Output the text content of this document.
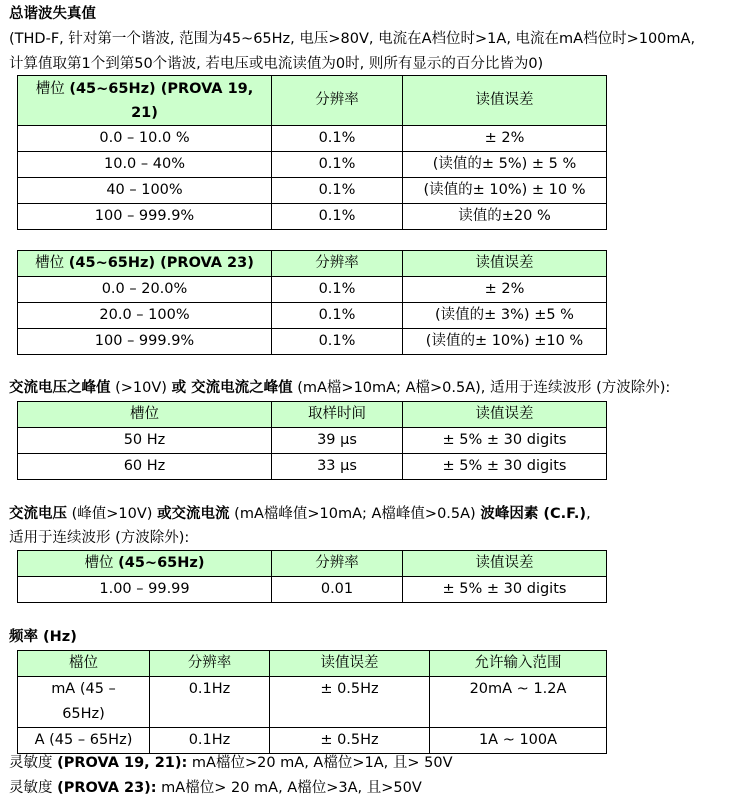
总谐波失真值
(THD-F, 针对第一个谐波, 范围为45~65Hz, 电压>80V, 电流在A档位时>1A, 电流在mA档位时>100mA,
计算值取第1个到第50个谐波, 若电压或电流读值为0时, 则所有显示的百分比皆为0)
槽位 (45~65Hz) (PROVA 19, 21)	分辨率	读值误差
0.0 – 10.0 %	0.1%	± 2%
10.0 – 40%	0.1%	(读值的± 5%) ± 5 %
40 – 100%	0.1%	(读值的± 10%) ± 10 %
100 – 999.9%	0.1%	读值的±20 %
槽位 (45~65Hz) (PROVA 23)	分辨率	读值误差
0.0 – 20.0%	0.1%	± 2%
20.0 – 100%	0.1%	(读值的± 3%) ±5 %
100 – 999.9%	0.1%	(读值的± 10%) ±10 %
交流电压之峰值 (>10V) 或 交流电流之峰值 (mA檔>10mA; A檔>0.5A), 适用于连续波形 (方波除外):
槽位	取样时间	读值误差
50 Hz	39 µs	± 5% ± 30 digits
60 Hz	33 µs	± 5% ± 30 digits
交流电压 (峰值>10V) 或交流电流 (mA檔峰值>10mA; A檔峰值>0.5A) 波峰因素 (C.F.),
适用于连续波形 (方波除外):
槽位 (45~65Hz)	分辨率	读值误差
1.00 – 99.99	0.01	± 5% ± 30 digits
频率 (Hz)
檔位	分辨率	读值误差	允许输入范围

mA (45 –
65Hz)	0.1Hz	± 0.5Hz	20mA ~ 1.2A
A (45 – 65Hz)	0.1Hz	± 0.5Hz	1A ~ 100A
灵敏度 (PROVA 19, 21): mA檔位>20 mA, A檔位>1A, 且> 50V
灵敏度 (PROVA 23): mA檔位> 20 mA, A檔位>3A, 且>50V
